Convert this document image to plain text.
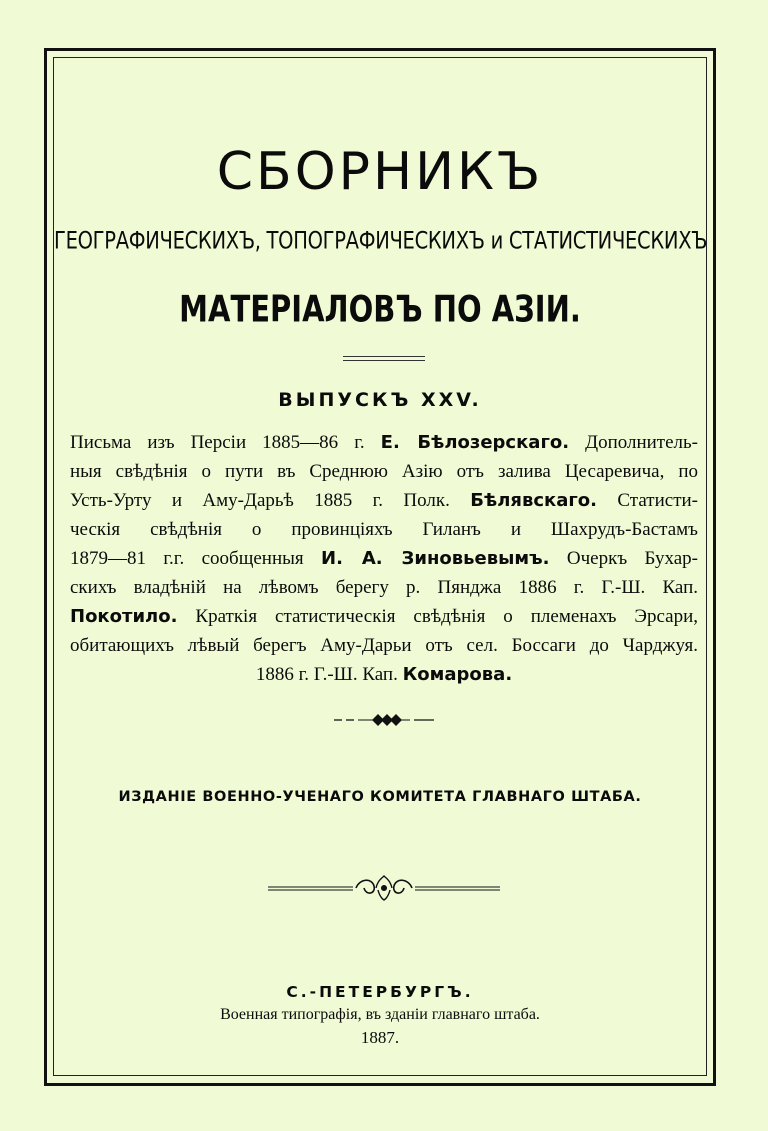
СБОРНИКЪ
ГЕОГРАФИЧЕСКИХЪ, ТОПОГРАФИЧЕСКИХЪ и СТАТИСТИЧЕСКИХЪ
МАТЕРІАЛОВЪ ПО АЗІИ.
ВЫПУСКЪ XXV.
Письма изъ Персіи 1885—86 г. Е. Бѣлозерскаго. Дополнитель-
ныя свѣдѣнія о пути въ Среднюю Азію отъ залива Цесаревича, по
Усть-Урту и Аму-Дарьѣ 1885 г. Полк. Бѣлявскаго. Статисти-
ческія свѣдѣнія о провинціяхъ Гиланъ и Шахрудъ-Бастамъ
1879—81 г.г. сообщенныя И. А. Зиновьевымъ. Очеркъ Бухар-
скихъ владѣній на лѣвомъ берегу р. Пянджа 1886 г. Г.-Ш. Кап.
Покотило. Краткія статистическія свѣдѣнія о племенахъ Эрсари,
обитающихъ лѣвый берегъ Аму-Дарьи отъ сел. Боссаги до Чарджуя.
1886 г. Г.-Ш. Кап. Комарова.
ИЗДАНІЕ ВОЕННО-УЧЕНАГО КОМИТЕТА ГЛАВНАГО ШТАБА.
С.-ПЕТЕРБУРГЪ.
Военная типографія, въ зданіи главнаго штаба.
1887.
